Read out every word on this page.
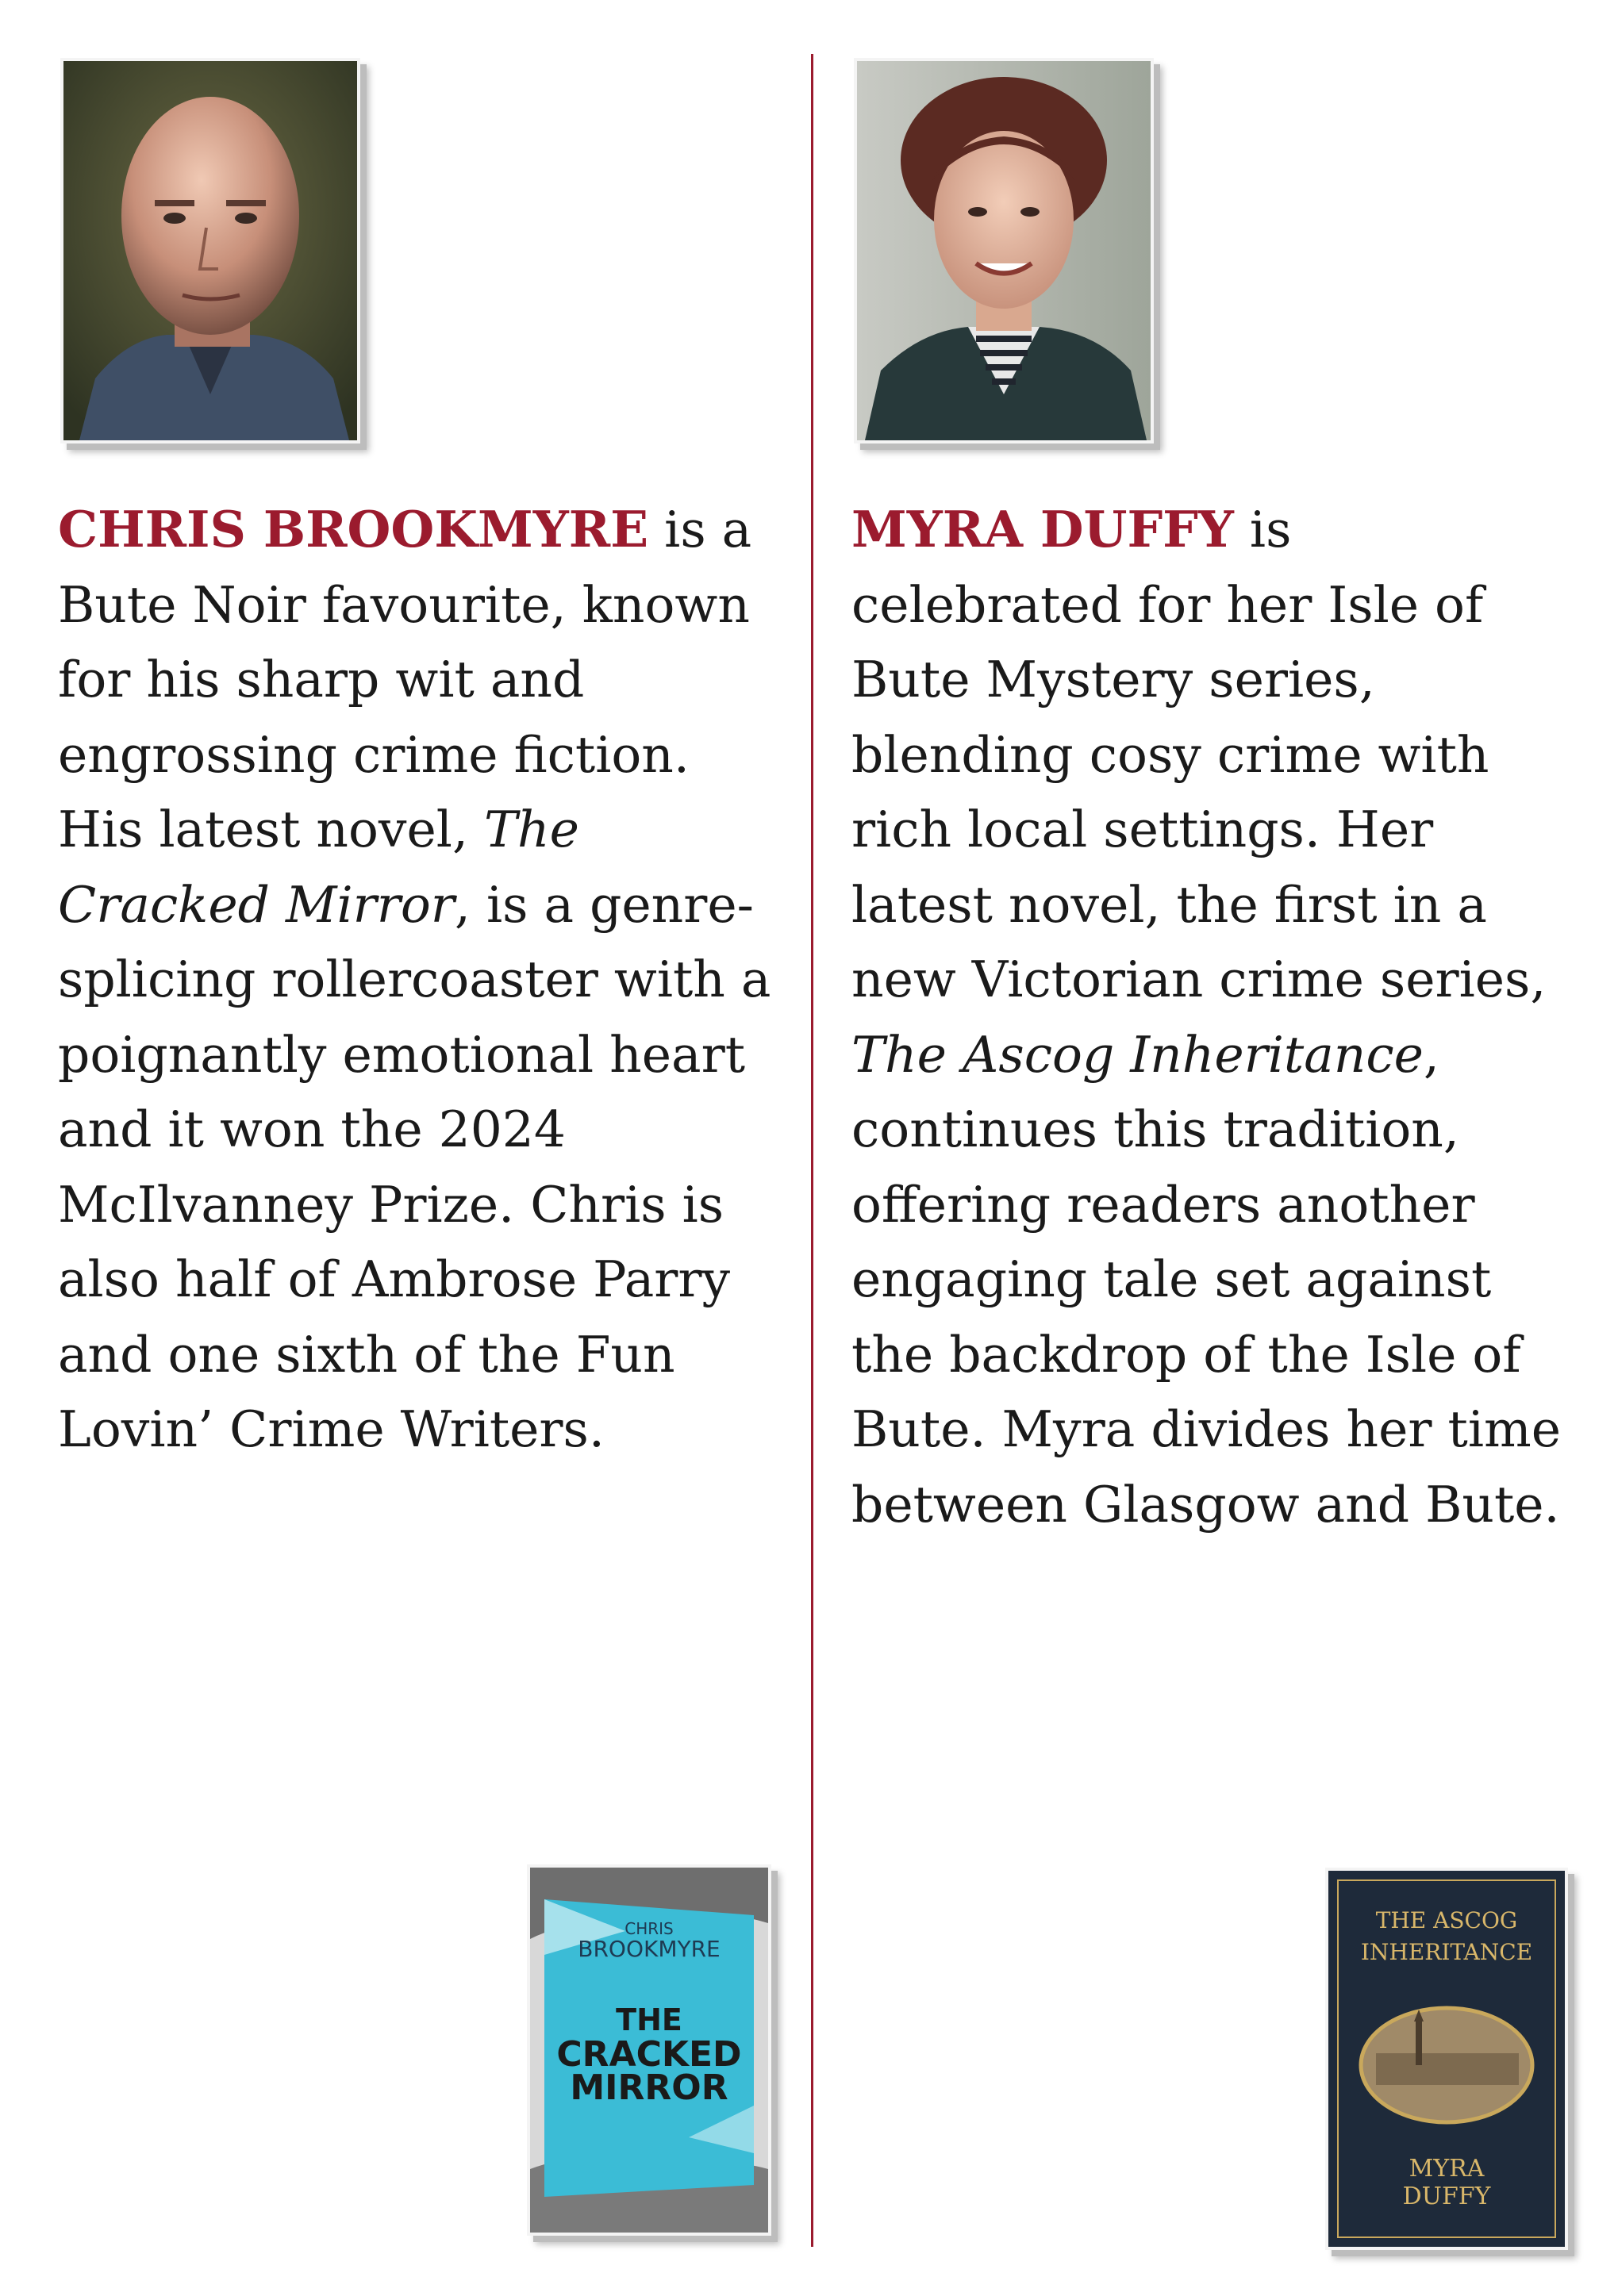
CHRIS BROOKMYRE is a
Bute Noir favourite, known
for his sharp wit and
engrossing crime fiction.
His latest novel, The
Cracked Mirror, is a genre-
splicing rollercoaster with a
poignantly emotional heart
and it won the 2024
McIlvanney Prize. Chris is
also half of Ambrose Parry
and one sixth of the Fun
Lovin’ Crime Writers.

MYRA DUFFY is
celebrated for her Isle of
Bute Mystery series,
blending cosy crime with
rich local settings. Her
latest novel, the first in a
new Victorian crime series,
The Ascog Inheritance,
continues this tradition,
offering readers another
engaging tale set against
the backdrop of the Isle of
Bute. Myra divides her time
between Glasgow and Bute.

CHRIS
BROOKMYRE
THE
CRACKED
MIRROR
THE ASCOG
INHERITANCE
MYRA
DUFFY
